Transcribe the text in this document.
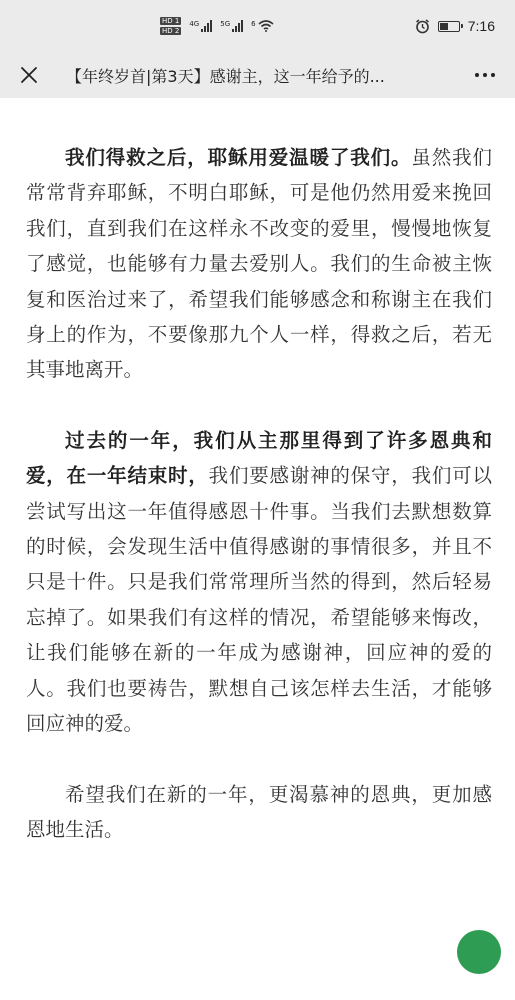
HD 1
HD 2
4G	5G	6	7:16
【年终岁首|第3天】感谢主，这一年给予的...

我们得救之后，耶稣用爱温暖了我们。虽然我们常常背弃耶稣，不明白耶稣，可是他仍然用爱来挽回我们，直到我们在这样永不改变的爱里，慢慢地恢复了感觉，也能够有力量去爱别人。我们的生命被主恢复和医治过来了，希望我们能够感念和称谢主在我们身上的作为，不要像那九个人一样，得救之后，若无其事地离开。

过去的一年，我们从主那里得到了许多恩典和爱，在一年结束时，我们要感谢神的保守，我们可以尝试写出这一年值得感恩十件事。当我们去默想数算的时候，会发现生活中值得感谢的事情很多，并且不只是十件。只是我们常常理所当然的得到，然后轻易忘掉了。如果我们有这样的情况，希望能够来悔改，让我们能够在新的一年成为感谢神，回应神的爱的人。我们也要祷告，默想自己该怎样去生活，才能够回应神的爱。

希望我们在新的一年，更渴慕神的恩典，更加感恩地生活。
